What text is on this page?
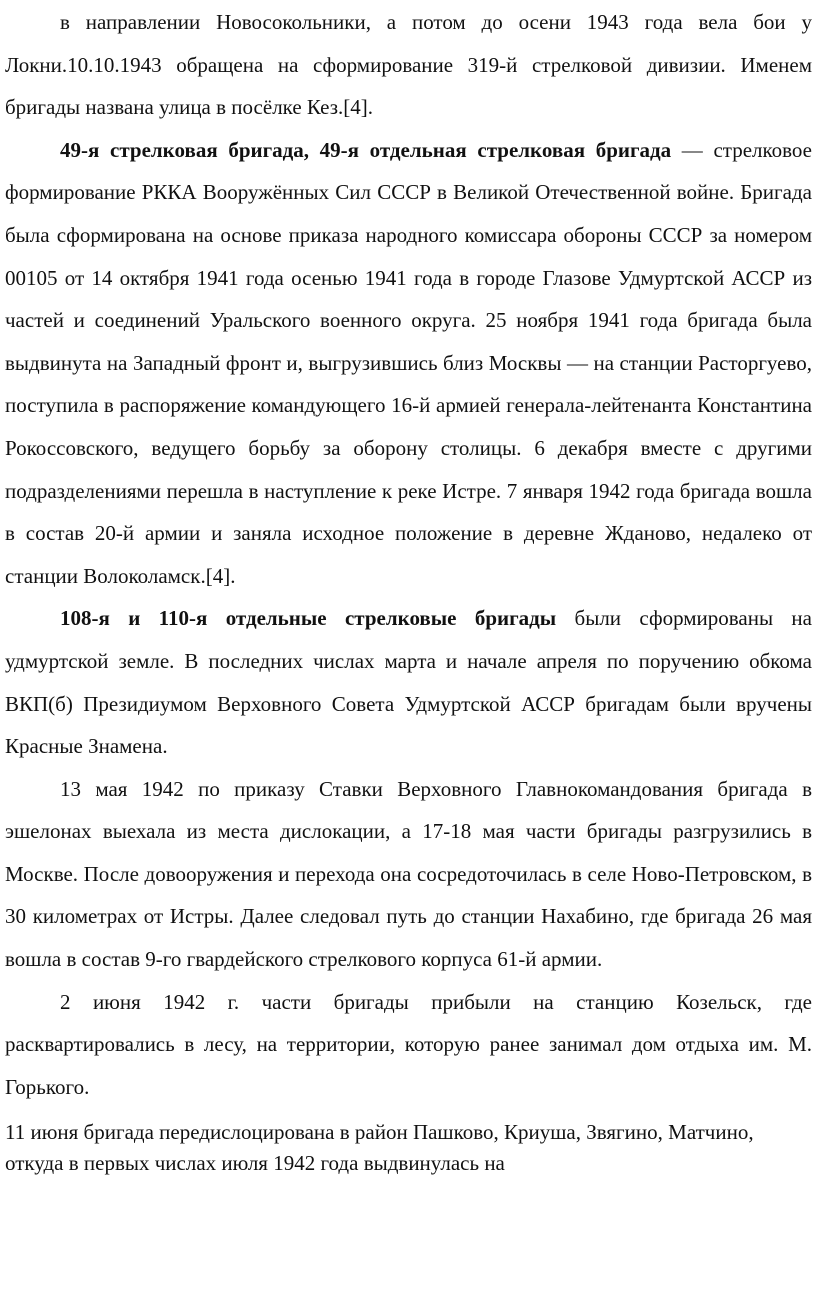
в направлении Новосокольники, а потом до осени 1943 года вела бои у Локни.10.10.1943 обращена на сформирование 319-й стрелковой дивизии. Именем бригады названа улица в посёлке Кез.[4].

49-я стрелковая бригада, 49-я отдельная стрелковая бригада — стрелковое формирование РККА Вооружённых Сил СССР в Великой Отечественной войне. Бригада была сформирована на основе приказа народного комиссара обороны СССР за номером 00105 от 14 октября 1941 года осенью 1941 года в городе Глазове Удмуртской АССР из частей и соединений Уральского военного округа. 25 ноября 1941 года бригада была выдвинута на Западный фронт и, выгрузившись близ Москвы — на станции Расторгуево, поступила в распоряжение командующего 16-й армией генерала-лейтенанта Константина Рокоссовского, ведущего борьбу за оборону столицы. 6 декабря вместе с другими подразделениями перешла в наступление к реке Истре. 7 января 1942 года бригада вошла в состав 20-й армии и заняла исходное положение в деревне Жданово, недалеко от станции Волоколамск.[4].

108-я и 110-я отдельные стрелковые бригады были сформированы на удмуртской земле. В последних числах марта и начале апреля по поручению обкома ВКП(б) Президиумом Верховного Совета Удмуртской АССР бригадам были вручены Красные Знамена.

13 мая 1942 по приказу Ставки Верховного Главнокомандования бригада в эшелонах выехала из места дислокации, а 17-18 мая части бригады разгрузились в Москве. После довооружения и перехода она сосредоточилась в селе Ново-Петровском, в 30 километрах от Истры. Далее следовал путь до станции Нахабино, где бригада 26 мая вошла в состав 9-го гвардейского стрелкового корпуса 61-й армии.

2 июня 1942 г. части бригады прибыли на станцию Козельск, где расквартировались в лесу, на территории, которую ранее занимал дом отдыха им. М. Горького.

11 июня бригада передислоцирована в район Пашково, Криуша, Звягино, Матчино, откуда в первых числах июля 1942 года выдвинулась на
